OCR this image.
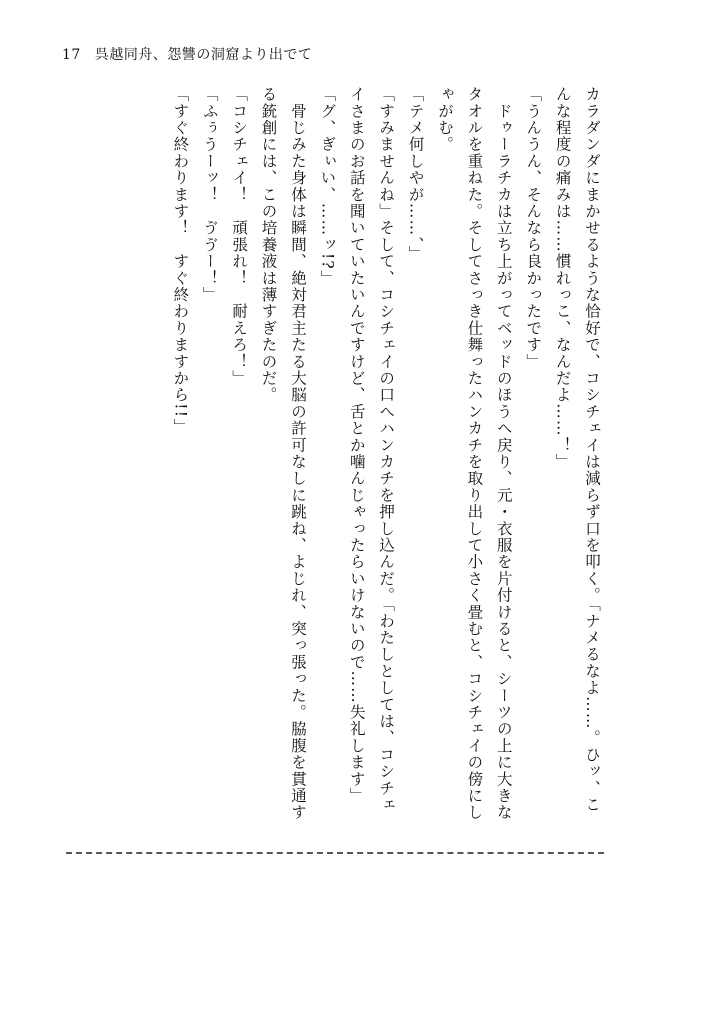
17 呉越同舟、怨讐の洞窟より出でて

カラダンダにまかせるような恰好で、コシチェイは減らず口を叩く。「ナメるなよ……。ひッ、こんな程度の痛みは……慣れっこ、なんだよ……！」

「うんうん、そんなら良かったです」

　ドゥーラチカは立ち上がってベッドのほうへ戻り、元・衣服を片付けると、シーツの上に大きなタオルを重ねた。そしてさっき仕舞ったハンカチを取り出して小さく畳むと、コシチェイの傍にしゃがむ。

「テメ何しやが……、」

「すみませんね」そして、コシチェイの口へハンカチを押し込んだ。「わたしとしては、コシチェイさまのお話を聞いていたいんですけど、舌とか噛んじゃったらいけないので……失礼します」

「グ、ぎぃい、……ッ!?」

　骨じみた身体は瞬間、絶対君主たる大脳の許可なしに跳ね、よじれ、突っ張った。脇腹を貫通する銃創には、この培養液は薄すぎたのだ。

「コシチェイ！　頑張れ！　耐えろ！」

「ふぅうーッ！　ゔゔー！」

「すぐ終わります！　すぐ終わりますから!!」
